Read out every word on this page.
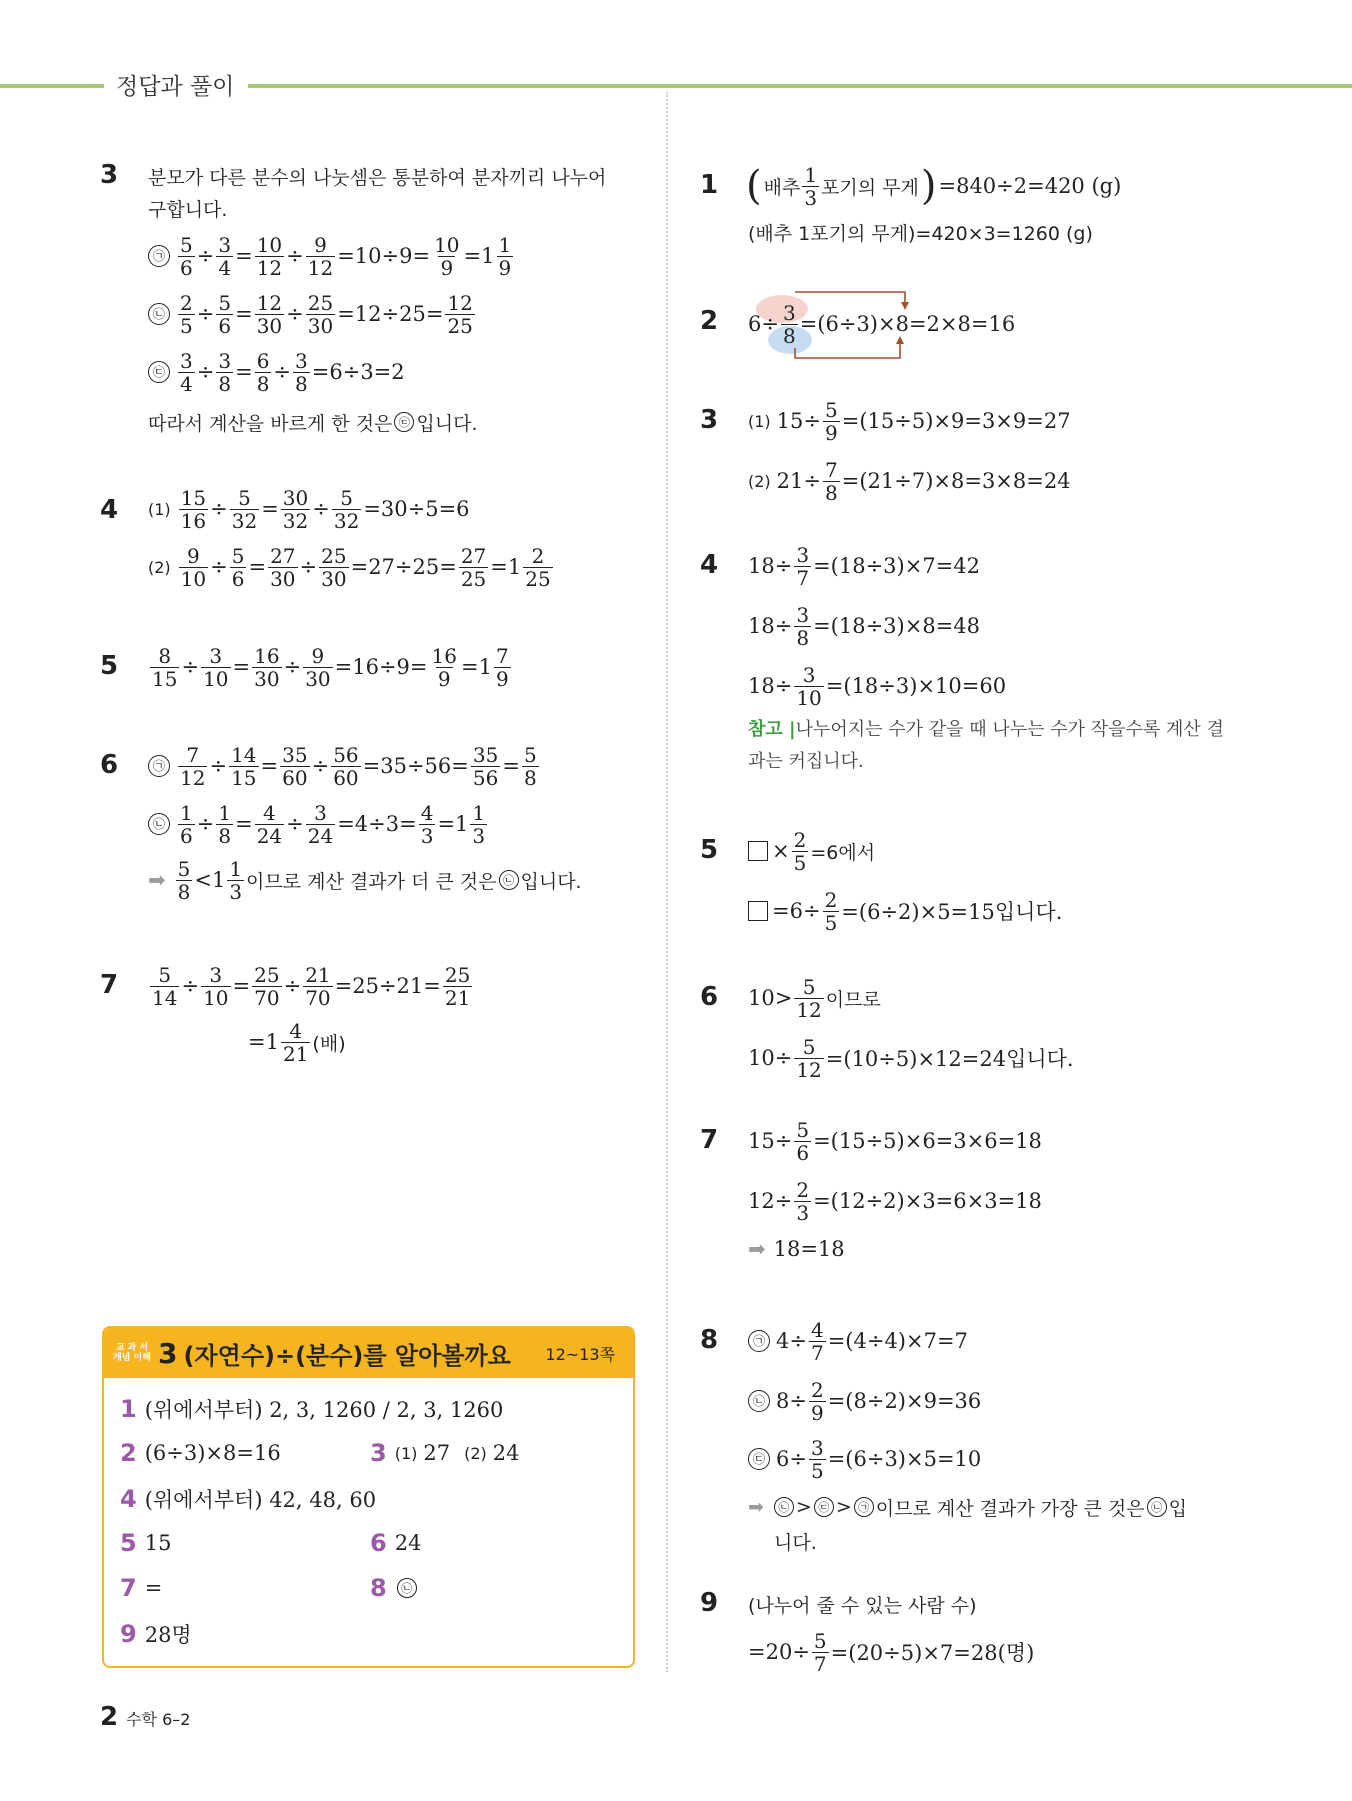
정답과 풀이
3 분모가 다른 분수의 나눗셈은 통분하여 분자끼리 나누어
구합니다.
㉠ $\frac{5}{6} \div \frac{3}{4} = \frac{10}{12} \div \frac{9}{12} =10\div 9= \frac{10}{9} =1 \frac{1}{9}$
㉡ $\frac{2}{5} \div \frac{5}{6} = \frac{12}{30} \div \frac{25}{30} =12\div 25= \frac{12}{25}$
㉢ $\frac{3}{4} \div \frac{3}{8} = \frac{6}{8} \div \frac{3}{8} =6\div 3=2$
따라서 계산을 바르게 한 것은 ㉢ 입니다.
4 $(1) \frac{15}{16} \div \frac{5}{32} = \frac{30}{32} \div \frac{5}{32} =30\div 5=6$
$(2) \frac{9}{10} \div \frac{5}{6} = \frac{27}{30} \div \frac{25}{30} =27\div 25= \frac{27}{25} =1 \frac{2}{25}$
$5 \frac{8}{15} \div \frac{3}{10} = \frac{16}{30} \div \frac{9}{30} =16\div 9= \frac{16}{9} =1 \frac{7}{9}$
6	㉠ $\frac{7}{12} \div \frac{14}{15} = \frac{35}{60} \div \frac{56}{60} =35\div 56= \frac{35}{56} = \frac{5}{8}$
㉡ $\frac{1}{6} \div \frac{1}{8} = \frac{4}{24} \div \frac{3}{24} =4\div 3= \frac{4}{3} =1 \frac{1}{3}$
➡ $\frac{5}{8} <1 \frac{1}{3}$ 이므로 계산 결과가 더 큰 것은 ㉡ 입니다.
$7 \frac{5}{14} \div \frac{3}{10} = \frac{25}{70} \div \frac{21}{70} =25\div 21= \frac{25}{21}$
$=1 \frac{4}{21}$ (배)
교 과 서
개념 이해 3 (자연수)÷(분수)를 알아볼까요 12~13쪽
1 (위에서부터) 2, 3, 1260 / 2, 3, 1260
2 (6÷3)×8=16	3 (1) 27 (2) 24
4 (위에서부터) 42, 48, 60
5 15	6 24
7 =	8	㉡
9 28명
1 ( 배추 $\frac{1}{3}$ 포기의 무게 ) =840÷2=420 (g)
(배추 1포기의 무게)=420×3=1260 (g)
2 $6\div \frac{3}{8} =(6\div 3)\times 8=2\times 8=16$
3 (1) $15\div \frac{5}{9} =(15\div 5)\times 9=3\times 9=27$
(2) $21\div \frac{7}{8} =(21\div 7)\times 8=3\times 8=24$
4 $18\div \frac{3}{7} =(18\div 3)\times 7=42$
$18\div \frac{3}{8} =(18\div 3)\times 8=48$
$18\div \frac{3}{10} =(18\div 3)\times 10=60$
참고 | 나누어지는 수가 같을 때 나누는 수가 작을수록 계산 결
과는 커집니다.
5	× $\frac{2}{5} =6$에서
$=6\div \frac{2}{5} =(6\div 2)\times 5=15$입니다.
6 $10> \frac{5}{12}$ 이므로
$10\div \frac{5}{12} =(10\div 5)\times 12=24$입니다.
7 $15\div \frac{5}{6} =(15\div 5)\times 6=3\times 6=18$
$12\div \frac{2}{3} =(12\div 2)\times 3=6\times 3=18$
➡ 18=18
8	㉠ $4\div \frac{4}{7} =(4\div 4)\times 7=7$
㉡ $8\div \frac{2}{9} =(8\div 2)\times 9=36$
㉢ $6\div \frac{3}{5} =(6\div 3)\times 5=10$
➡	㉡ > ㉢ > ㉠ 이므로 계산 결과가 가장 큰 것은 ㉡ 입
니다.
9 (나누어 줄 수 있는 사람 수)
$=20\div \frac{5}{7} =(20\div 5)\times 7=28$(명)
2 수학 6–2
